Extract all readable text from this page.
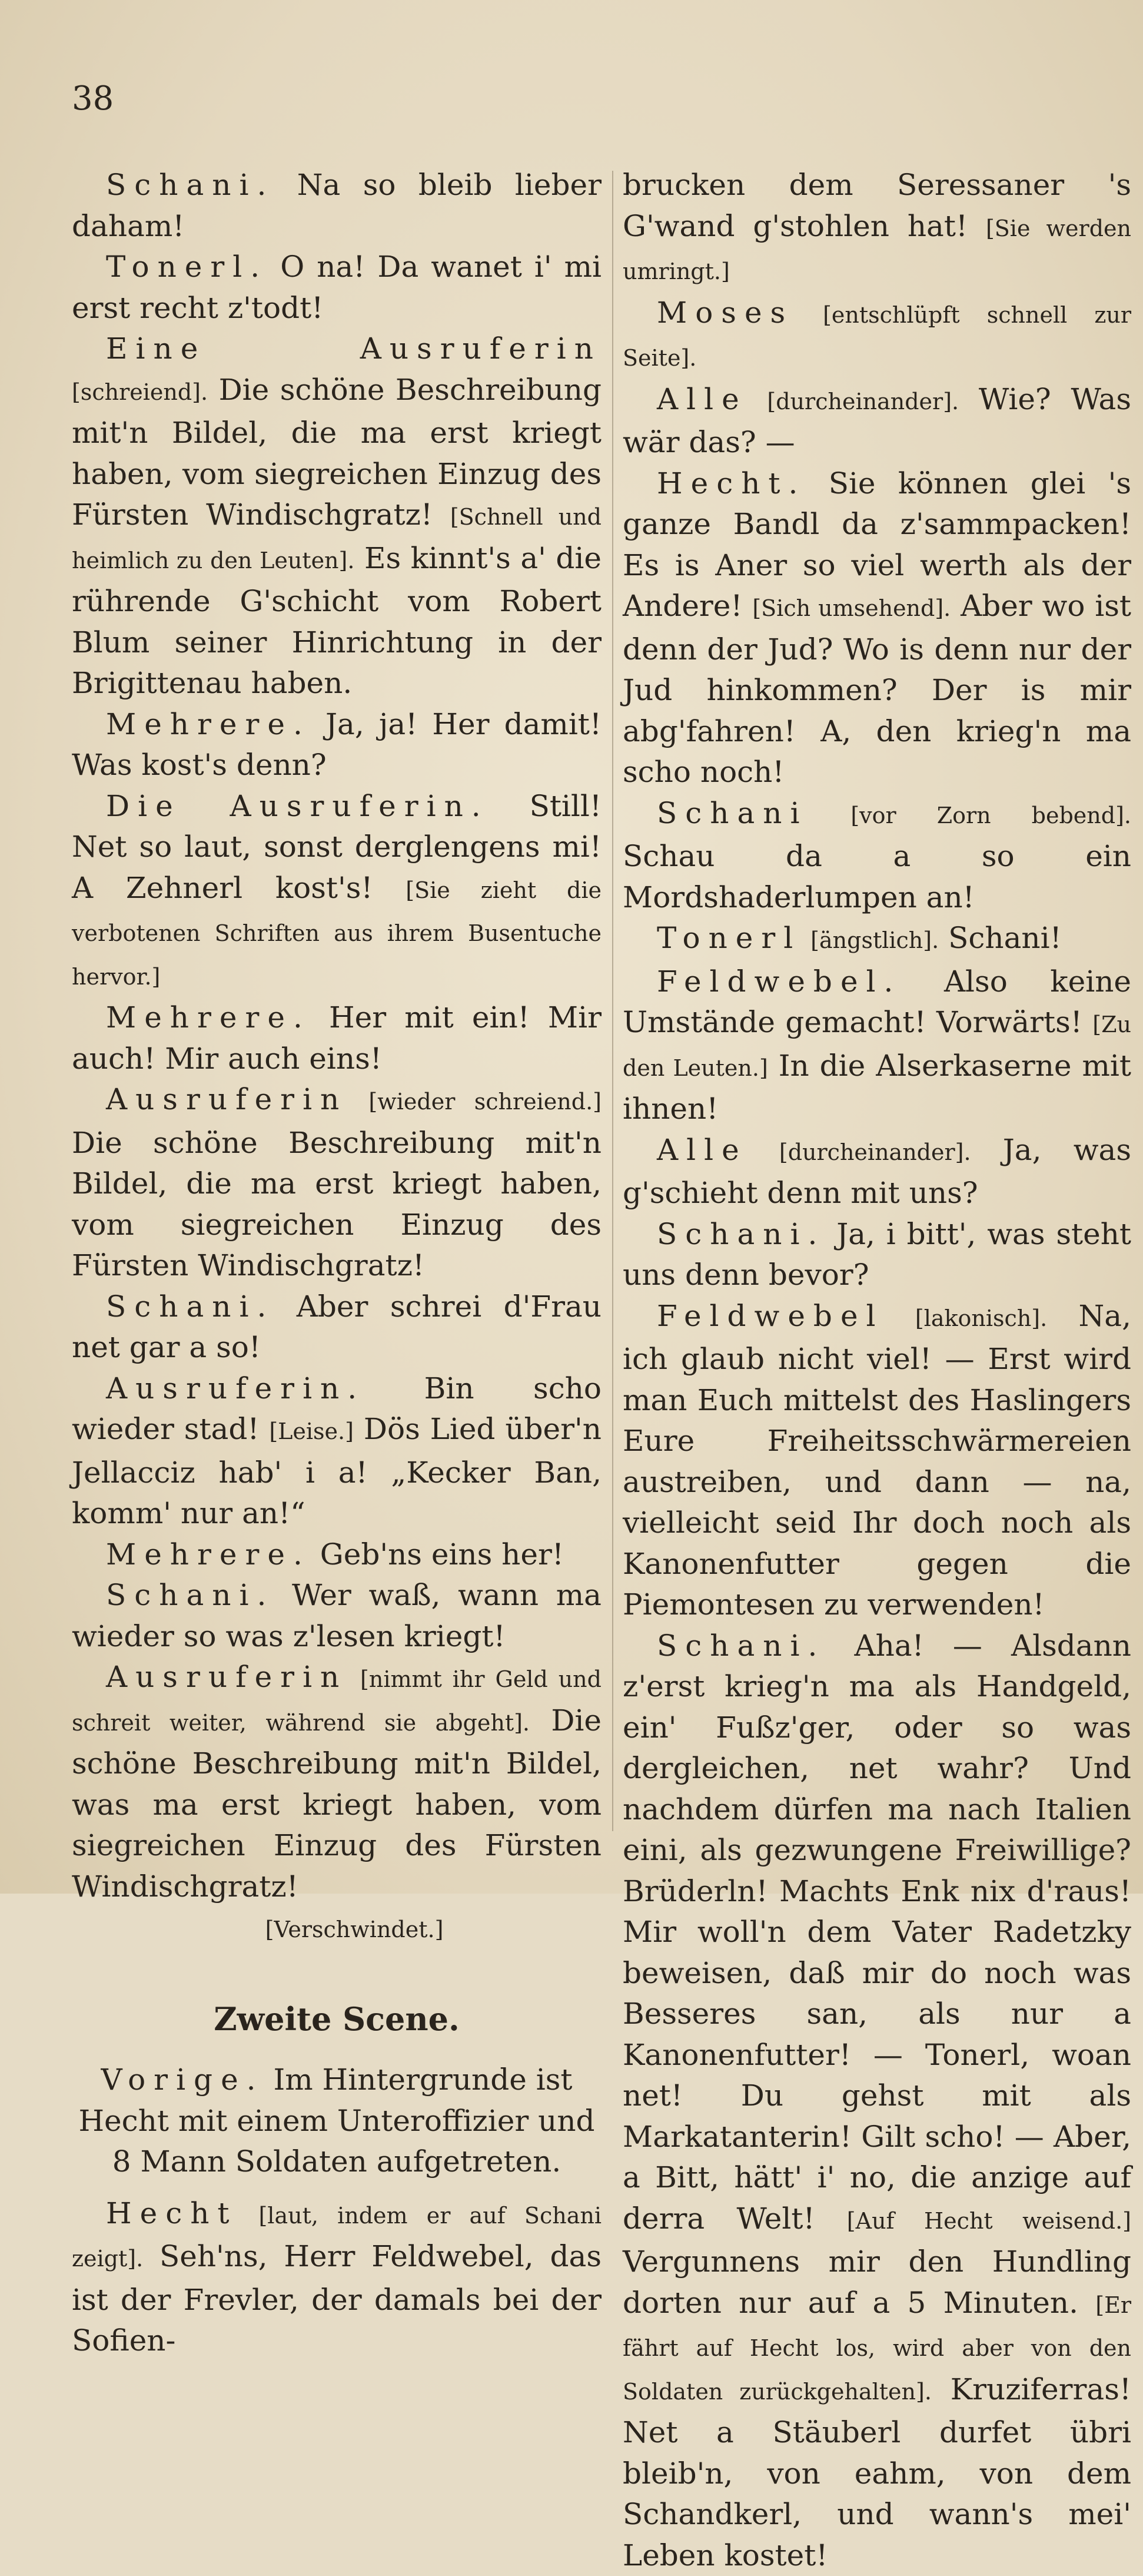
38

Schani. Na so bleib lieber daham!

Tonerl. O na! Da wanet i' mi erst recht z'todt!

Eine Ausruferin [schreiend]. Die schöne Beschreibung mit'n Bildel, die ma erst kriegt haben, vom siegreichen Einzug des Fürsten Windischgratz! [Schnell und heimlich zu den Leuten]. Es kinnt's a' die rührende G'schicht vom Robert Blum seiner Hinrichtung in der Brigittenau haben.

Mehrere. Ja, ja! Her damit! Was kost's denn?

Die Ausruferin. Still! Net so laut, sonst derglengens mi! A Zehnerl kost's! [Sie zieht die verbotenen Schriften aus ihrem Busentuche hervor.]

Mehrere. Her mit ein! Mir auch! Mir auch eins!

Ausruferin [wieder schreiend.] Die schöne Beschreibung mit'n Bildel, die ma erst kriegt haben, vom siegreichen Einzug des Fürsten Windischgratz!

Schani. Aber schrei d'Frau net gar a so!

Ausruferin. Bin scho wieder stad! [Leise.] Dös Lied über'n Jellacciz hab' i a! „Kecker Ban, komm' nur an!“

Mehrere. Geb'ns eins her!

Schani. Wer waß, wann ma wieder so was z'lesen kriegt!

Ausruferin [nimmt ihr Geld und schreit weiter, während sie abgeht]. Die schöne Beschreibung mit'n Bildel, was ma erst kriegt haben, vom siegreichen Einzug des Fürsten Windischgratz!

[Verschwindet.]

Zweite Scene.

Vorige. Im Hintergrunde ist Hecht mit einem Unteroffizier und 8 Mann Soldaten aufgetreten.

Hecht [laut, indem er auf Schani zeigt]. Seh'ns, Herr Feldwebel, das ist der Frevler, der damals bei der Sofien-

brucken dem Seressaner 's G'wand g'stohlen hat! [Sie werden umringt.]

Moses [entschlüpft schnell zur Seite].

Alle [durcheinander]. Wie? Was wär das? —

Hecht. Sie können glei 's ganze Bandl da z'sammpacken! Es is Aner so viel werth als der Andere! [Sich umsehend]. Aber wo ist denn der Jud? Wo is denn nur der Jud hinkommen? Der is mir abg'fahren! A, den krieg'n ma scho noch!

Schani [vor Zorn bebend]. Schau da a so ein Mordshaderlumpen an!

Tonerl [ängstlich]. Schani!

Feldwebel. Also keine Umstände gemacht! Vorwärts! [Zu den Leuten.] In die Alserkaserne mit ihnen!

Alle [durcheinander]. Ja, was g'schieht denn mit uns?

Schani. Ja, i bitt', was steht uns denn bevor?

Feldwebel [lakonisch]. Na, ich glaub nicht viel! — Erst wird man Euch mittelst des Haslingers Eure Freiheitsschwärmereien austreiben, und dann — na, vielleicht seid Ihr doch noch als Kanonenfutter gegen die Piemontesen zu verwenden!

Schani. Aha! — Alsdann z'erst krieg'n ma als Handgeld, ein' Fußz'ger, oder so was dergleichen, net wahr? Und nachdem dürfen ma nach Italien eini, als gezwungene Freiwillige? Brüderln! Machts Enk nix d'raus! Mir woll'n dem Vater Radetzky beweisen, daß mir do noch was Besseres san, als nur a Kanonenfutter! — Tonerl, woan net! Du gehst mit als Markatanterin! Gilt scho! — Aber, a Bitt, hätt' i' no, die anzige auf derra Welt! [Auf Hecht weisend.] Vergunnens mir den Hundling dorten nur auf a 5 Minuten. [Er fährt auf Hecht los, wird aber von den Soldaten zurückgehalten]. Kruziferras! Net a Stäuberl durfet übri bleib'n, von eahm, von dem Schandkerl, und wann's mei' Leben kostet!
